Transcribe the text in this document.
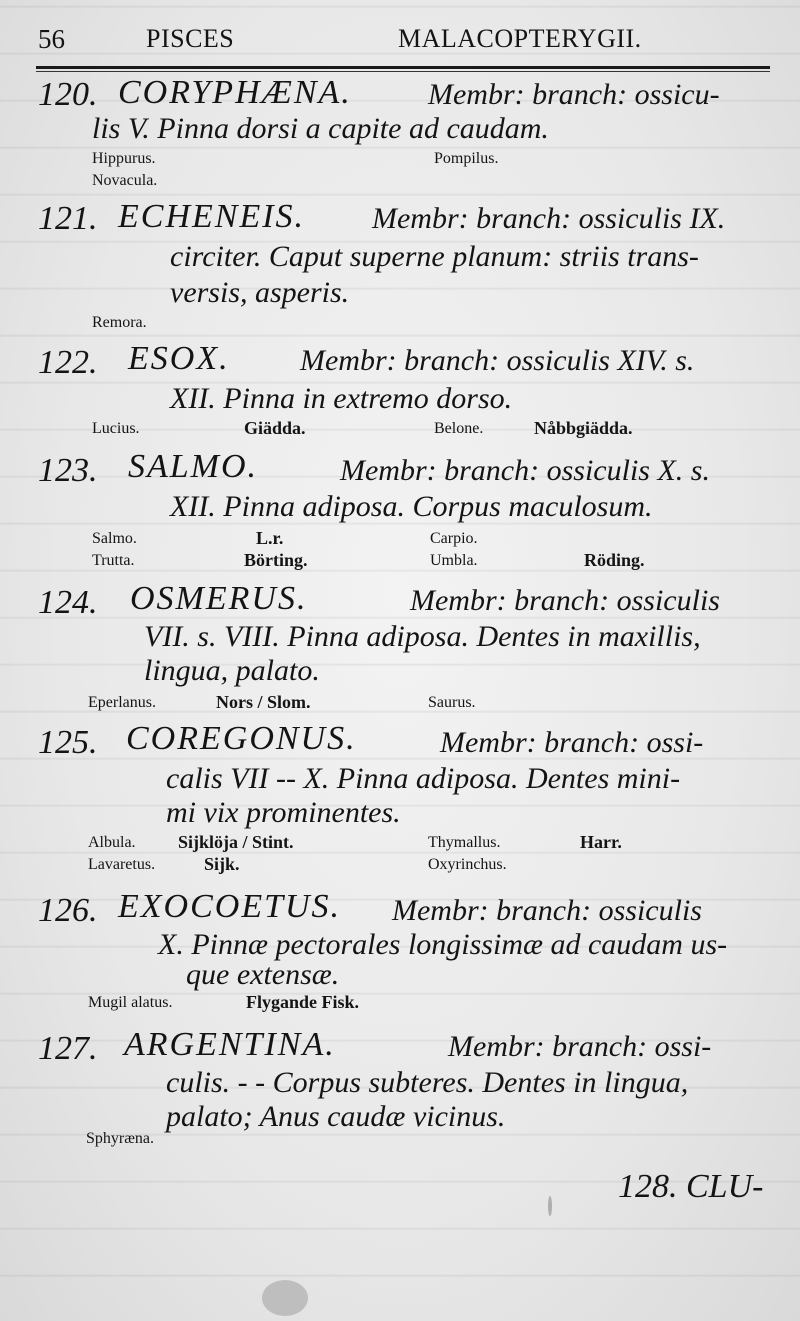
56	PISCES	MALACOPTERYGII.
120. CORYPHÆNA.	Membr: branch: ossicu-
lis V. Pinna dorsi a capite ad caudam.
Hippurus.	Pompilus.
Novacula.
121. ECHENEIS. Membr: branch: ossiculis IX.
circiter. Caput superne planum: striis trans-
versis, asperis.
Remora.
122. ESOX. Membr: branch: ossiculis XIV. s.
XII. Pinna in extremo dorso.
Lucius.	Giädda.	Belone.	Nåbbgiädda.
123. SALMO.	Membr: branch: ossiculis X. s.
XII. Pinna adiposa. Corpus maculosum.
Salmo.	L.r.	Carpio.
Trutta.	Börting.	Umbla.	Röding.
124. OSMERUS.	Membr: branch: ossiculis
VII. s. VIII. Pinna adiposa. Dentes in maxillis,
lingua, palato.
Eperlanus.	Nors / Slom.	Saurus.
125. COREGONUS.	Membr: branch: ossi-
calis VII -- X. Pinna adiposa. Dentes mini-
mi vix prominentes.
Albula. Sijklöja / Stint.	Thymallus.	Harr.
Lavaretus.	Sijk.	Oxyrinchus.
126. EXOCOETUS. Membr: branch: ossiculis
X. Pinnæ pectorales longissimæ ad caudam us-
que extensæ.
Mugil alatus.	Flygande Fisk.
127. ARGENTINA.	Membr: branch: ossi-
culis. - - Corpus subteres. Dentes in lingua,
palato; Anus caudæ vicinus.
Sphyræna.
128. CLU-
